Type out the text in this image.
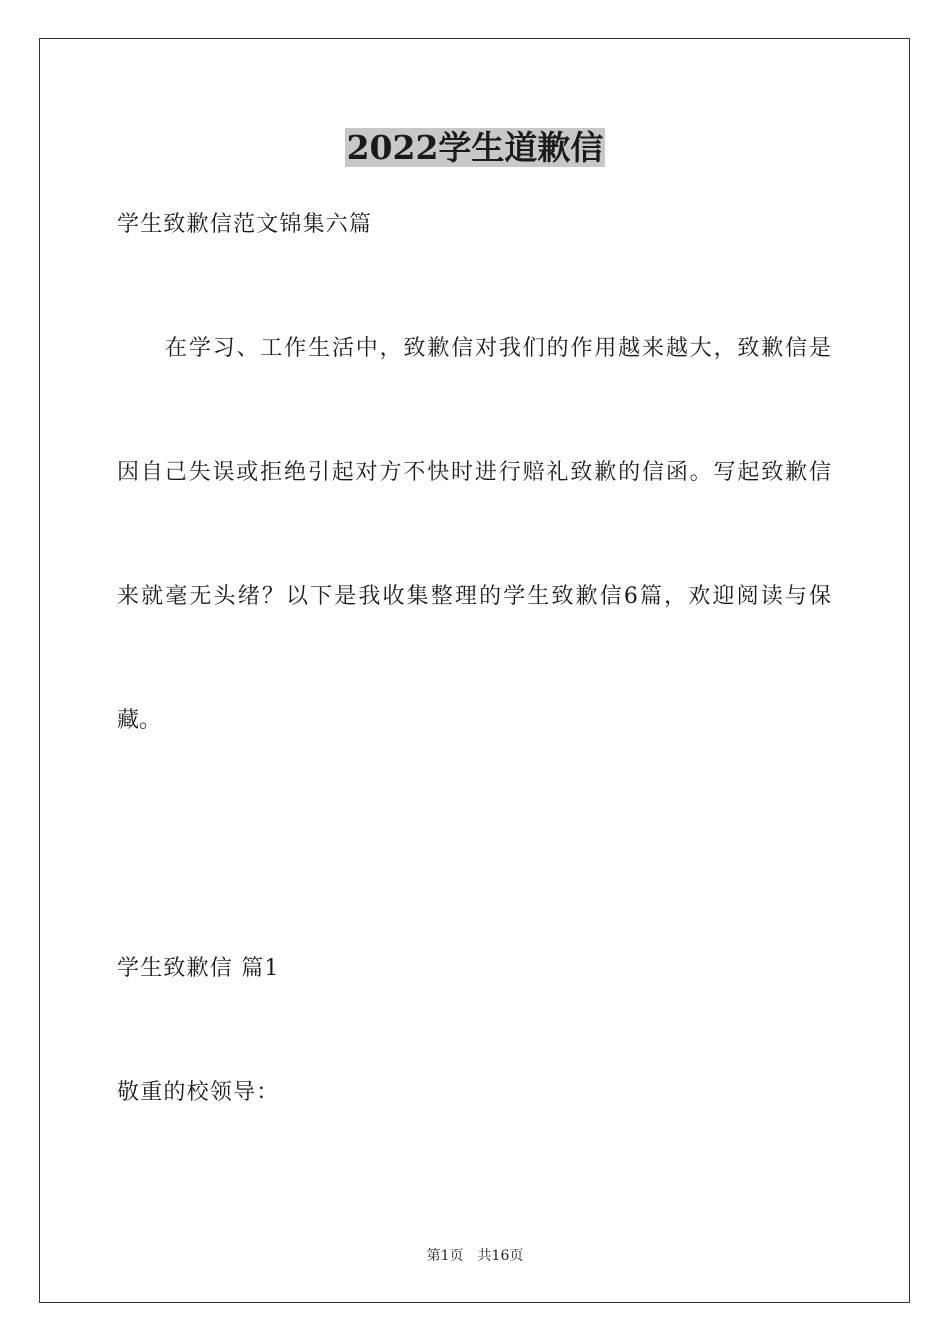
2022学生道歉信
学生致歉信范文锦集六篇
在学习、工作生活中，致歉信对我们的作用越来越大，致歉信是
因自己失误或拒绝引起对方不快时进行赔礼致歉的信函。写起致歉信
来就毫无头绪？以下是我收集整理的学生致歉信6篇，欢迎阅读与保
藏。
学生致歉信 篇1
敬重的校领导：
第1页 共16页
